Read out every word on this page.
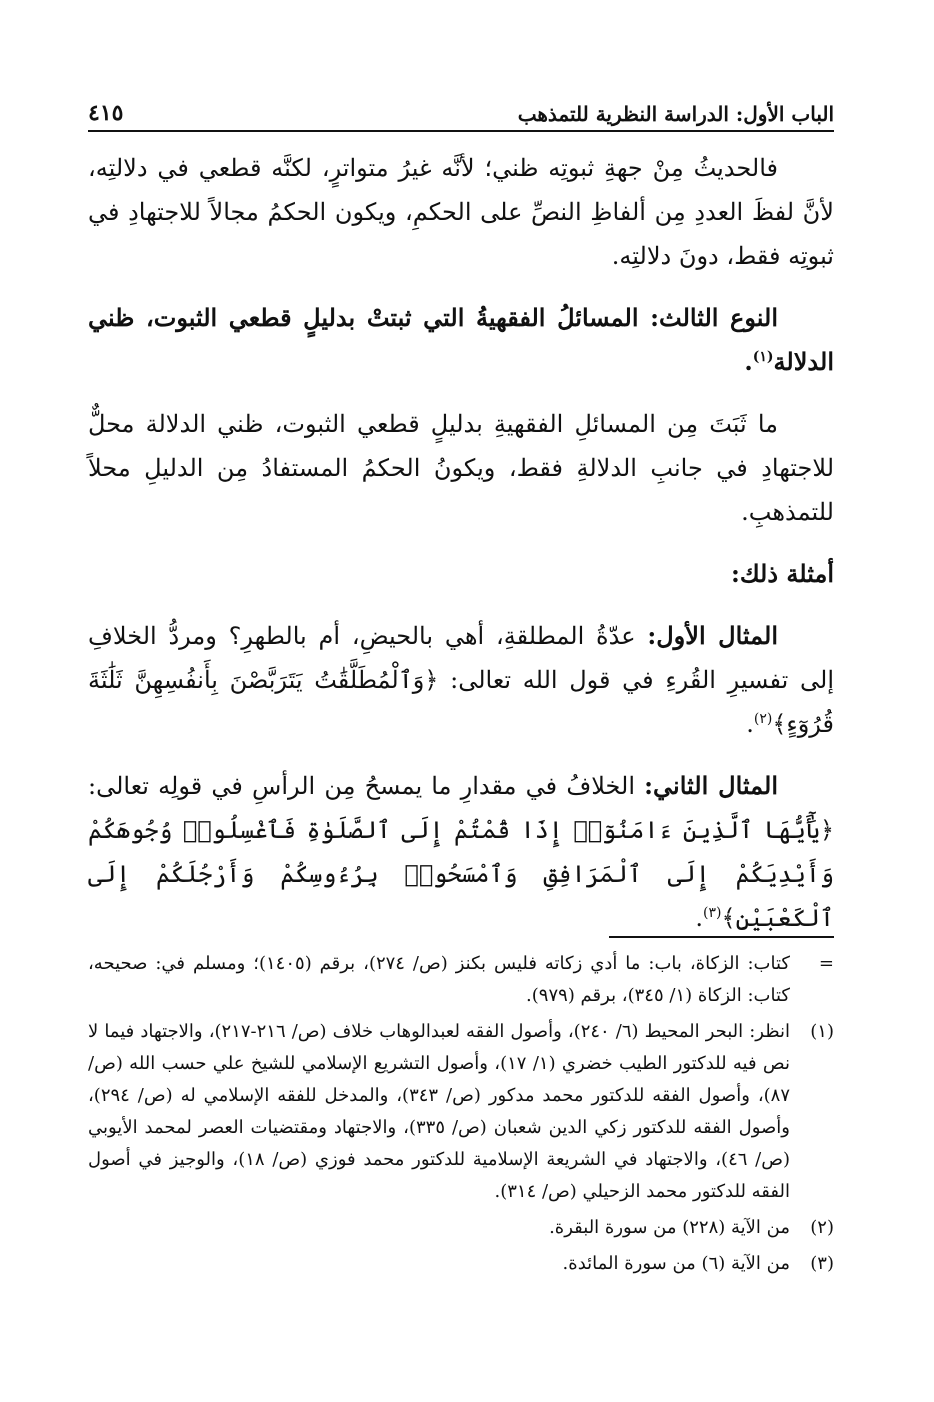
الباب الأول: الدراسة النظرية للتمذهب
٤١٥

فالحديثُ مِنْ جهةِ ثبوتِه ظني؛ لأنَّه غيرُ متواترٍ، لكنَّه قطعي في دلالتِه، لأنَّ لفظَ العددِ مِن ألفاظِ النصِّ على الحكمِ، ويكون الحكمُ مجالاً للاجتهادِ في ثبوتِه فقط، دونَ دلالتِه.

النوع الثالث: المسائلُ الفقهيةُ التي ثبتتْ بدليلٍ قطعي الثبوت، ظني الدلالة$^{(١)}$.

ما ثَبَتَ مِن المسائلِ الفقهيةِ بدليلٍ قطعي الثبوت، ظني الدلالة محلٌّ للاجتهادِ في جانبِ الدلالةِ فقط، ويكونُ الحكمُ المستفادُ مِن الدليلِ محلاً للتمذهبِ.

أمثلة ذلك:

المثال الأول: عدّةُ المطلقةِ، أهي بالحيضِ، أم بالطهرِ؟ ومردُّ الخلافِ إلى تفسيرِ القُرءِ في قول الله تعالى: ﴿وَٱلْمُطَلَّقَٰتُ يَتَرَبَّصْنَ بِأَنفُسِهِنَّ ثَلَٰثَةَ قُرُوٓءٍ﴾$^{(٢)}$.

المثال الثاني: الخلافُ في مقدارِ ما يمسحُ مِن الرأسِ في قولِه تعالى: ﴿يَٰٓأَيُّهَا ٱلَّذِينَ ءَامَنُوٓا۟ إِذَا قُمْتُمْ إِلَى ٱلصَّلَوٰةِ فَٱغْسِلُوا۟ وُجُوهَكُمْ وَأَيْدِيَكُمْ إِلَى ٱلْمَرَافِقِ وَٱمْسَحُوا۟ بِرُءُوسِكُمْ وَأَرْجُلَكُمْ إِلَى ٱلْكَعْبَيْنِ﴾$^{(٣)}$.

=
كتاب: الزكاة، باب: ما أدي زكاته فليس بكنز (ص/ ٢٧٤)، برقم (١٤٠٥)؛ ومسلم في: صحيحه، كتاب: الزكاة (١/ ٣٤٥)، برقم (٩٧٩).
(١)
انظر: البحر المحيط (٦/ ٢٤٠)، وأصول الفقه لعبدالوهاب خلاف (ص/ ٢١٦-٢١٧)، والاجتهاد فيما لا نص فيه للدكتور الطيب خضري (١/ ١٧)، وأصول التشريع الإسلامي للشيخ علي حسب الله (ص/ ٨٧)، وأصول الفقه للدكتور محمد مدكور (ص/ ٣٤٣)، والمدخل للفقه الإسلامي له (ص/ ٢٩٤)، وأصول الفقه للدكتور زكي الدين شعبان (ص/ ٣٣٥)، والاجتهاد ومقتضيات العصر لمحمد الأيوبي (ص/ ٤٦)، والاجتهاد في الشريعة الإسلامية للدكتور محمد فوزي (ص/ ١٨)، والوجيز في أصول الفقه للدكتور محمد الزحيلي (ص/ ٣١٤).
(٢)
من الآية (٢٢٨) من سورة البقرة.
(٣)
من الآية (٦) من سورة المائدة.
